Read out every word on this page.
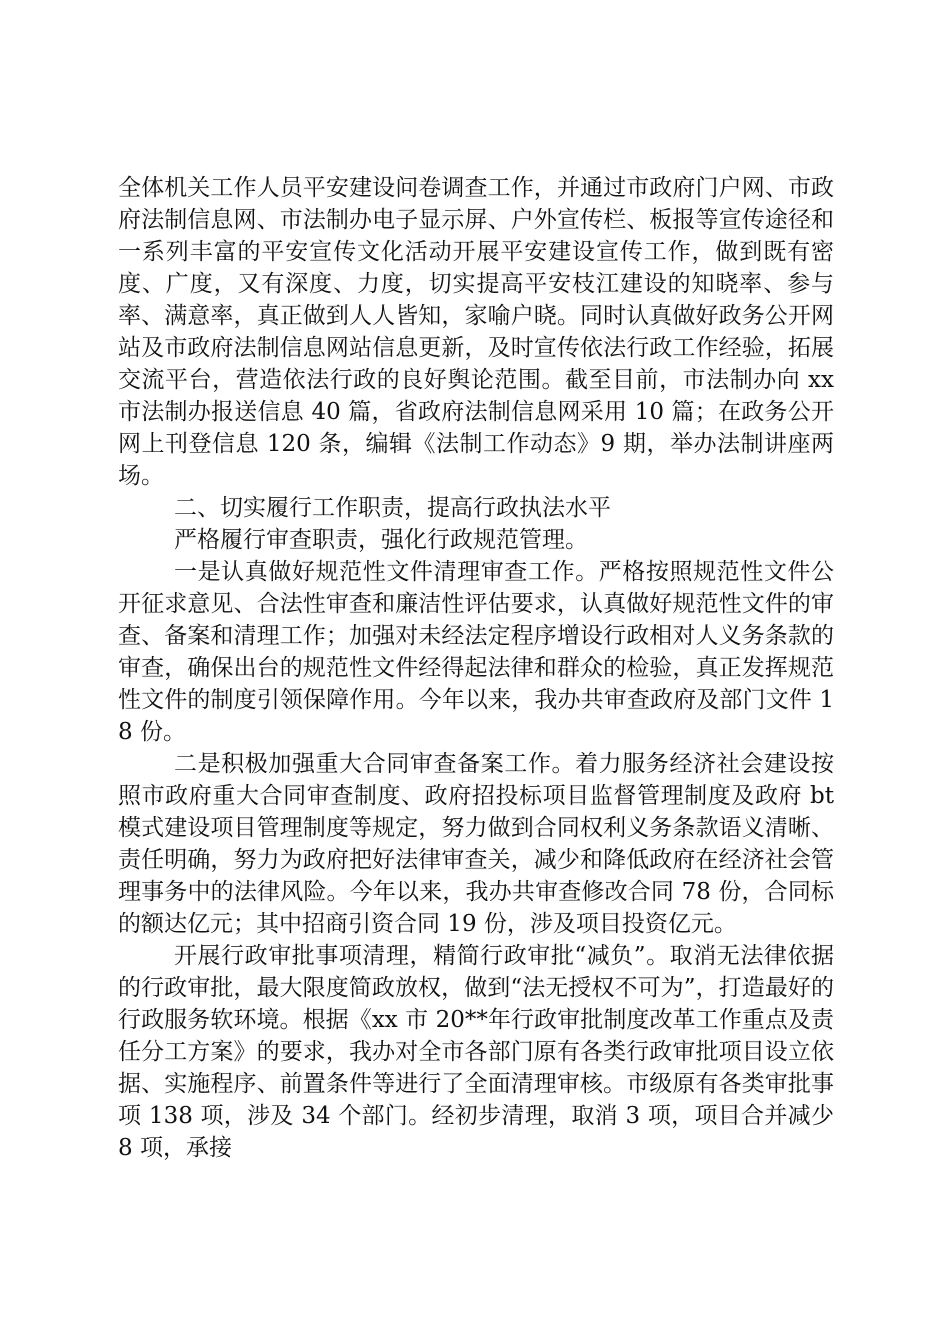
全体机关工作人员平安建设问卷调查工作，并通过市政府门户网、市政府法制信息网、市法制办电子显示屏、户外宣传栏、板报等宣传途径和一系列丰富的平安宣传文化活动开展平安建设宣传工作，做到既有密度、广度，又有深度、力度，切实提高平安枝江建设的知晓率、参与率、满意率，真正做到人人皆知，家喻户晓。同时认真做好政务公开网站及市政府法制信息网站信息更新，及时宣传依法行政工作经验，拓展交流平台，营造依法行政的良好舆论范围。截至目前，市法制办向 xx 市法制办报送信息 40 篇，省政府法制信息网采用 10 篇；在政务公开网上刊登信息 120 条，编辑《法制工作动态》9 期，举办法制讲座两场。

二、切实履行工作职责，提高行政执法水平

严格履行审查职责，强化行政规范管理。

一是认真做好规范性文件清理审查工作。严格按照规范性文件公开征求意见、合法性审查和廉洁性评估要求，认真做好规范性文件的审查、备案和清理工作；加强对未经法定程序增设行政相对人义务条款的审查，确保出台的规范性文件经得起法律和群众的检验，真正发挥规范性文件的制度引领保障作用。今年以来，我办共审查政府及部门文件 18 份。

二是积极加强重大合同审查备案工作。着力服务经济社会建设按照市政府重大合同审查制度、政府招投标项目监督管理制度及政府 bt 模式建设项目管理制度等规定，努力做到合同权利义务条款语义清晰、责任明确，努力为政府把好法律审查关，减少和降低政府在经济社会管理事务中的法律风险。今年以来，我办共审查修改合同 78 份，合同标的额达亿元；其中招商引资合同 19 份，涉及项目投资亿元。

开展行政审批事项清理，精简行政审批“减负”。取消无法律依据的行政审批，最大限度简政放权，做到“法无授权不可为”，打造最好的行政服务软环境。根据《xx 市 20**年行政审批制度改革工作重点及责任分工方案》的要求，我办对全市各部门原有各类行政审批项目设立依据、实施程序、前置条件等进行了全面清理审核。市级原有各类审批事项 138 项，涉及 34 个部门。经初步清理，取消 3 项，项目合并减少 8 项，承接
